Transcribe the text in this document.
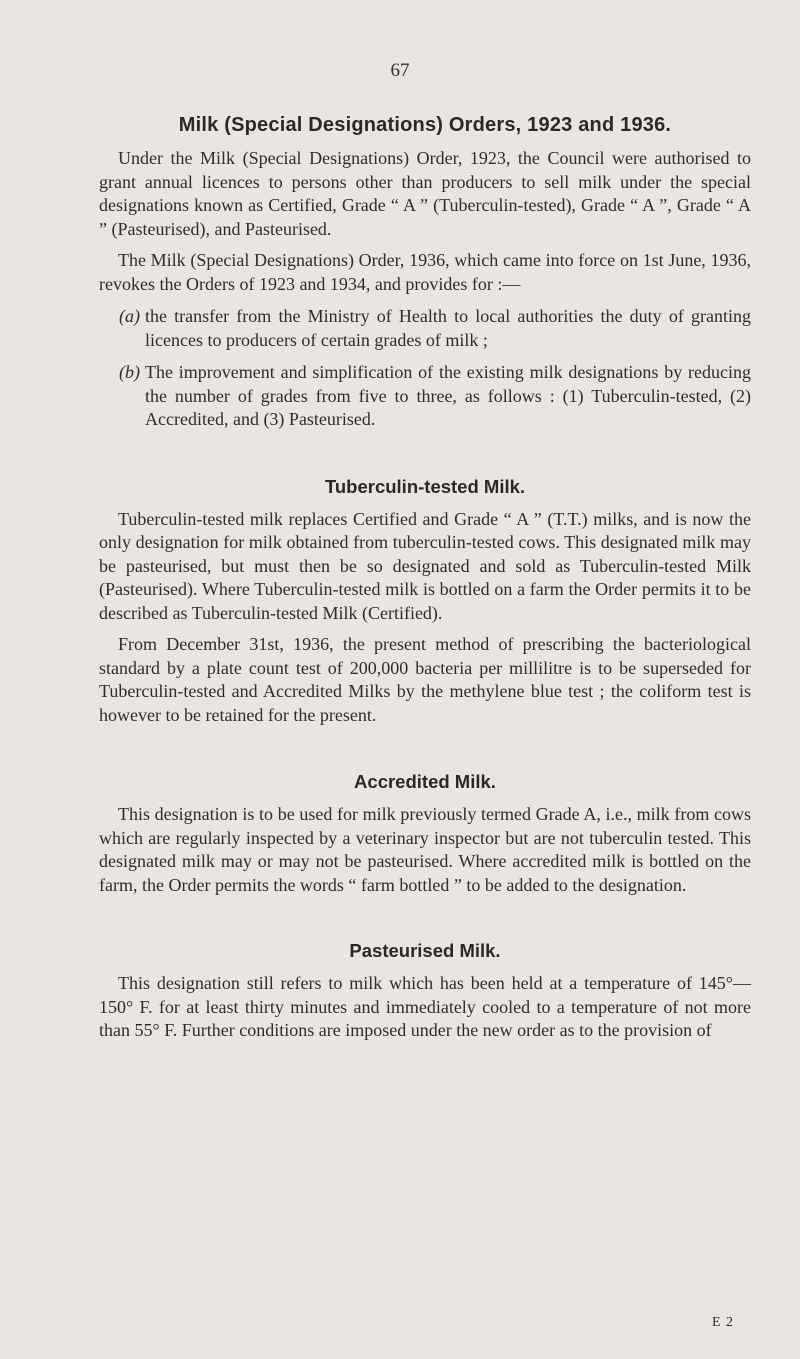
67
Milk (Special Designations) Orders, 1923 and 1936.

Under the Milk (Special Designations) Order, 1923, the Council were authorised to grant annual licences to persons other than producers to sell milk under the special designations known as Certified, Grade “ A ” (Tuberculin-tested), Grade “ A ”, Grade “ A ” (Pasteurised), and Pasteurised.

The Milk (Special Designations) Order, 1936, which came into force on 1st June, 1936, revokes the Orders of 1923 and 1934, and provides for :—

(a) the transfer from the Ministry of Health to local authorities the duty of granting licences to producers of certain grades of milk ;
(b) The improvement and simplification of the existing milk designations by reducing the number of grades from five to three, as follows : (1) Tuberculin-tested, (2) Accredited, and (3) Pasteurised.
Tuberculin-tested Milk.

Tuberculin-tested milk replaces Certified and Grade “ A ” (T.T.) milks, and is now the only designation for milk obtained from tuberculin-tested cows. This designated milk may be pasteurised, but must then be so designated and sold as Tuberculin-tested Milk (Pasteurised). Where Tuberculin-tested milk is bottled on a farm the Order permits it to be described as Tuberculin-tested Milk (Certified).

From December 31st, 1936, the present method of prescribing the bacteriological standard by a plate count test of 200,000 bacteria per millilitre is to be superseded for Tuberculin-tested and Accredited Milks by the methylene blue test ; the coliform test is however to be retained for the present.

Accredited Milk.

This designation is to be used for milk previously termed Grade A, i.e., milk from cows which are regularly inspected by a veterinary inspector but are not tuberculin tested. This designated milk may or may not be pasteurised. Where accredited milk is bottled on the farm, the Order permits the words “ farm bottled ” to be added to the designation.

Pasteurised Milk.

This designation still refers to milk which has been held at a temperature of 145°—150° F. for at least thirty minutes and immediately cooled to a temperature of not more than 55° F. Further conditions are imposed under the new order as to the provision of

E 2
